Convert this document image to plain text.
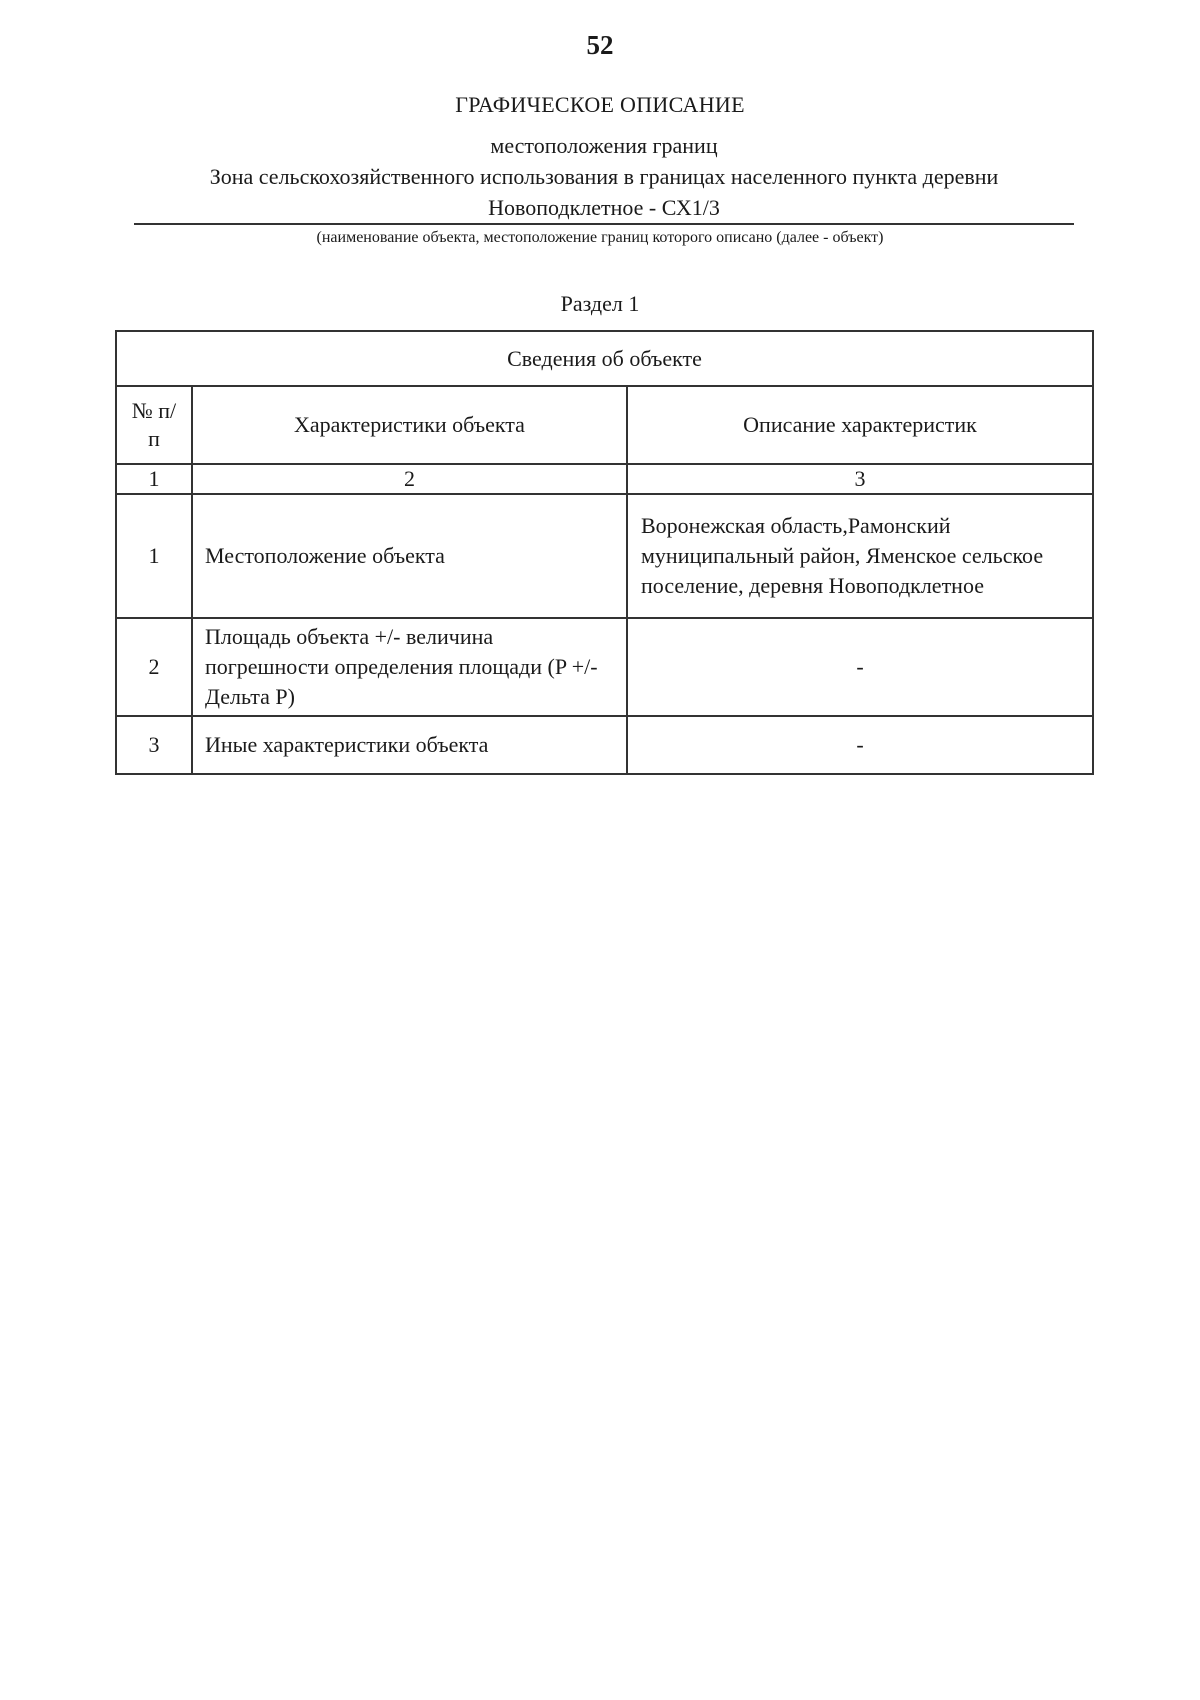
52
ГРАФИЧЕСКОЕ ОПИСАНИЕ
местоположения границ
Зона сельскохозяйственного использования в границах населенного пункта деревни
Новоподклетное - СХ1/3
(наименование объекта, местоположение границ которого описано (далее - объект)
Раздел 1
Сведения об объекте		
№ п/п	Характеристики объекта	Описание характеристик
1	2	3
1	Местоположение объекта	Воронежская область,Рамонский муниципальный район, Яменское сельское поселение, деревня Новоподклетное
2	Площадь объекта +/- величина погрешности определения площади (P +/- Дельта P)	-
3	Иные характеристики объекта	-
